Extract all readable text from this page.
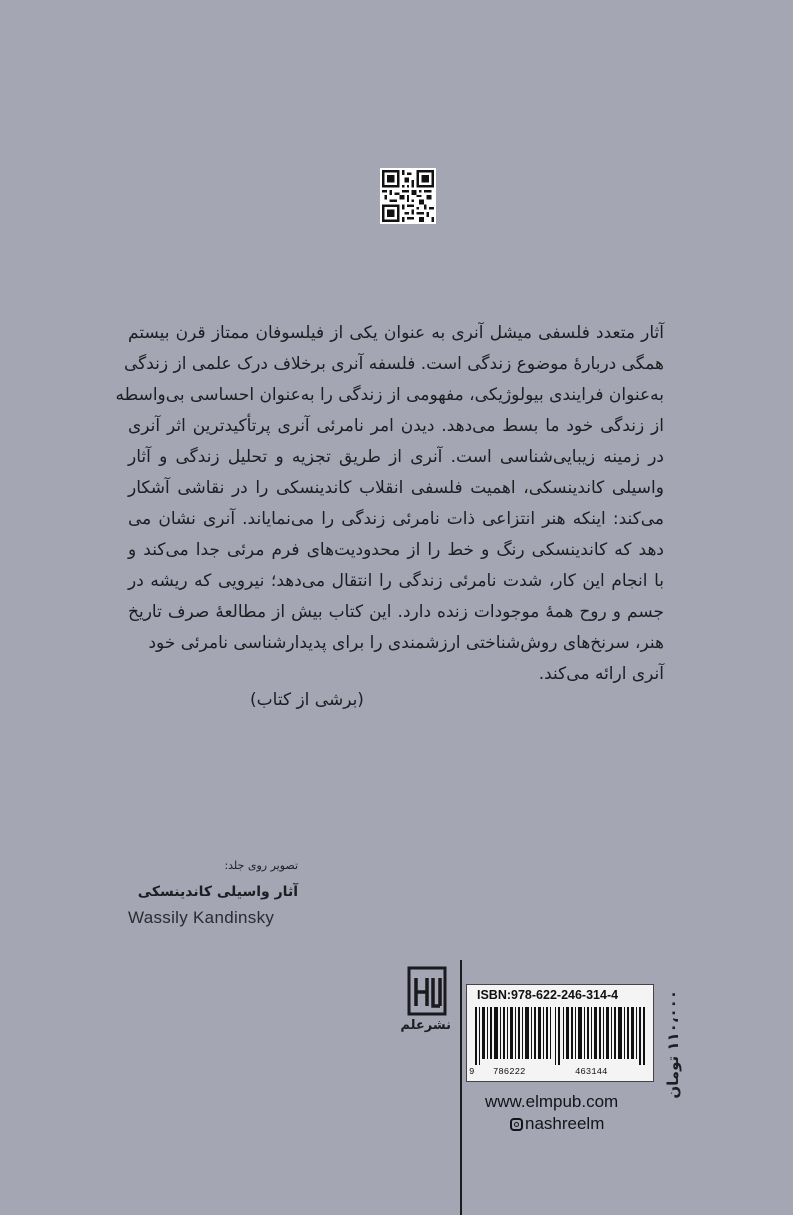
آثار متعدد فلسفی میشل آنری به عنوان یکی از فیلسوفان ممتاز قرن بیستم
همگی دربارهٔ موضوع زندگی است. فلسفه آنری برخلاف درک علمی از زندگی
به‌عنوان فرایندی بیولوژیکی، مفهومی از زندگی را به‌عنوان احساسی بی‌واسطه
از زندگی خود ما بسط می‌دهد. دیدن امر نامرئی آنری پرتأکیدترین اثر آنری
در زمینه زیبایی‌شناسی است. آنری از طریق تجزیه و تحلیل زندگی و آثار
واسیلی کاندینسکی، اهمیت فلسفی انقلاب کاندینسکی را در نقاشی آشکار
می‌کند: اینکه هنر انتزاعی ذات نامرئی زندگی را می‌نمایاند. آنری نشان می
دهد که کاندینسکی رنگ و خط را از محدودیت‌های فرم مرئی جدا می‌کند و
با انجام این کار، شدت نامرئی زندگی را انتقال می‌دهد؛ نیرویی که ریشه در
جسم و روح همهٔ موجودات زنده دارد. این کتاب بیش از مطالعهٔ صرف تاریخ
هنر، سرنخ‌های روش‌شناختی ارزشمندی را برای پدیدارشناسی نامرئی خود
آنری ارائه می‌کند.
(برشی از کتاب)
تصویر روی جلد:
آثار واسیلی کاندینسکی
Wassily Kandinsky
نشرعلم
ISBN:978-622-246-314-4
9 786222	463144	۱۱۰،۰۰۰ تومان
www.elmpub.com
nashreelm
